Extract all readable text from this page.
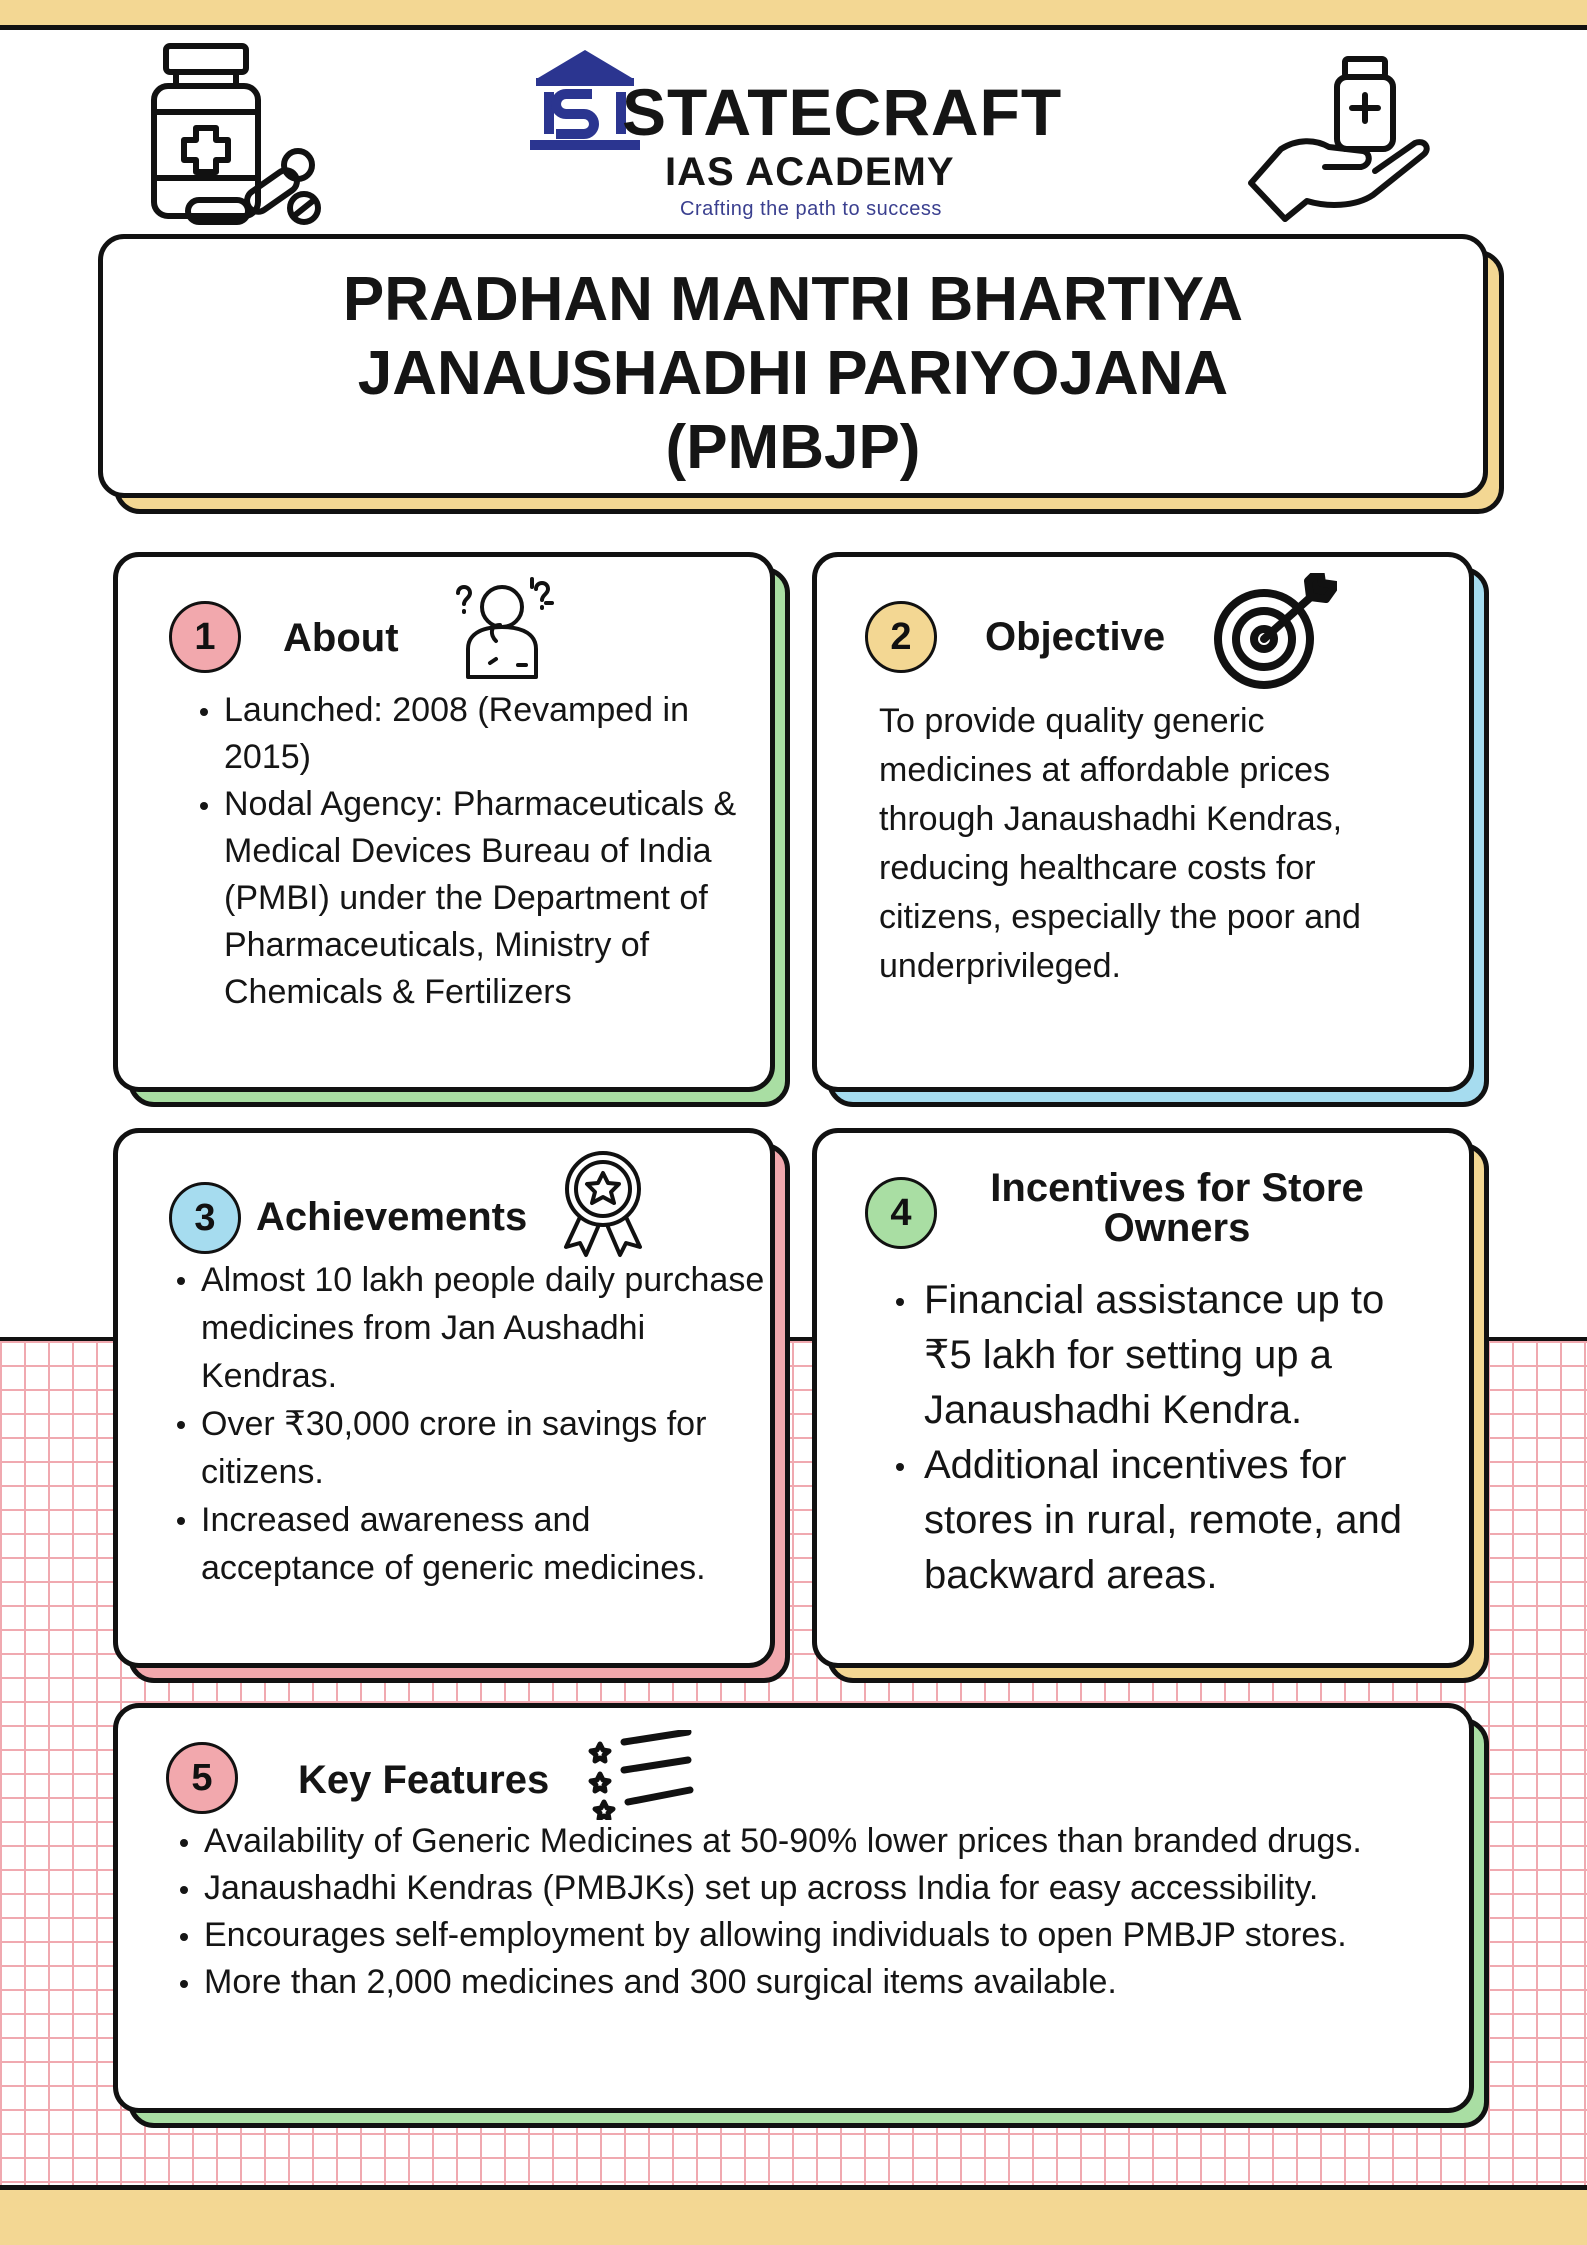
STATECRAFT
IAS ACADEMY
Crafting the path to success
PRADHAN MANTRI BHARTIYA
JANAUSHADHI PARIYOJANA
(PMBJP)
1	About
Launched: 2008 (Revamped in 2015)
Nodal Agency: Pharmaceuticals & Medical Devices Bureau of India (PMBI) under the Department of Pharmaceuticals, Ministry of Chemicals & Fertilizers
2	Objective
To provide quality generic medicines at affordable prices through Janaushadhi Kendras, reducing healthcare costs for citizens, especially the poor and underprivileged.
3	Achievements
Almost 10 lakh people daily purchase medicines from Jan Aushadhi Kendras.
Over ₹30,000 crore in savings for citizens.
Increased awareness and acceptance of generic medicines.
4
Incentives for Store
Owners
Financial assistance up to ₹5 lakh for setting up a Janaushadhi Kendra.
Additional incentives for stores in rural, remote, and backward areas.
5	Key Features
Availability of Generic Medicines at 50-90% lower prices than branded drugs.
Janaushadhi Kendras (PMBJKs) set up across India for easy accessibility.
Encourages self-employment by allowing individuals to open PMBJP stores.
More than 2,000 medicines and 300 surgical items available.
